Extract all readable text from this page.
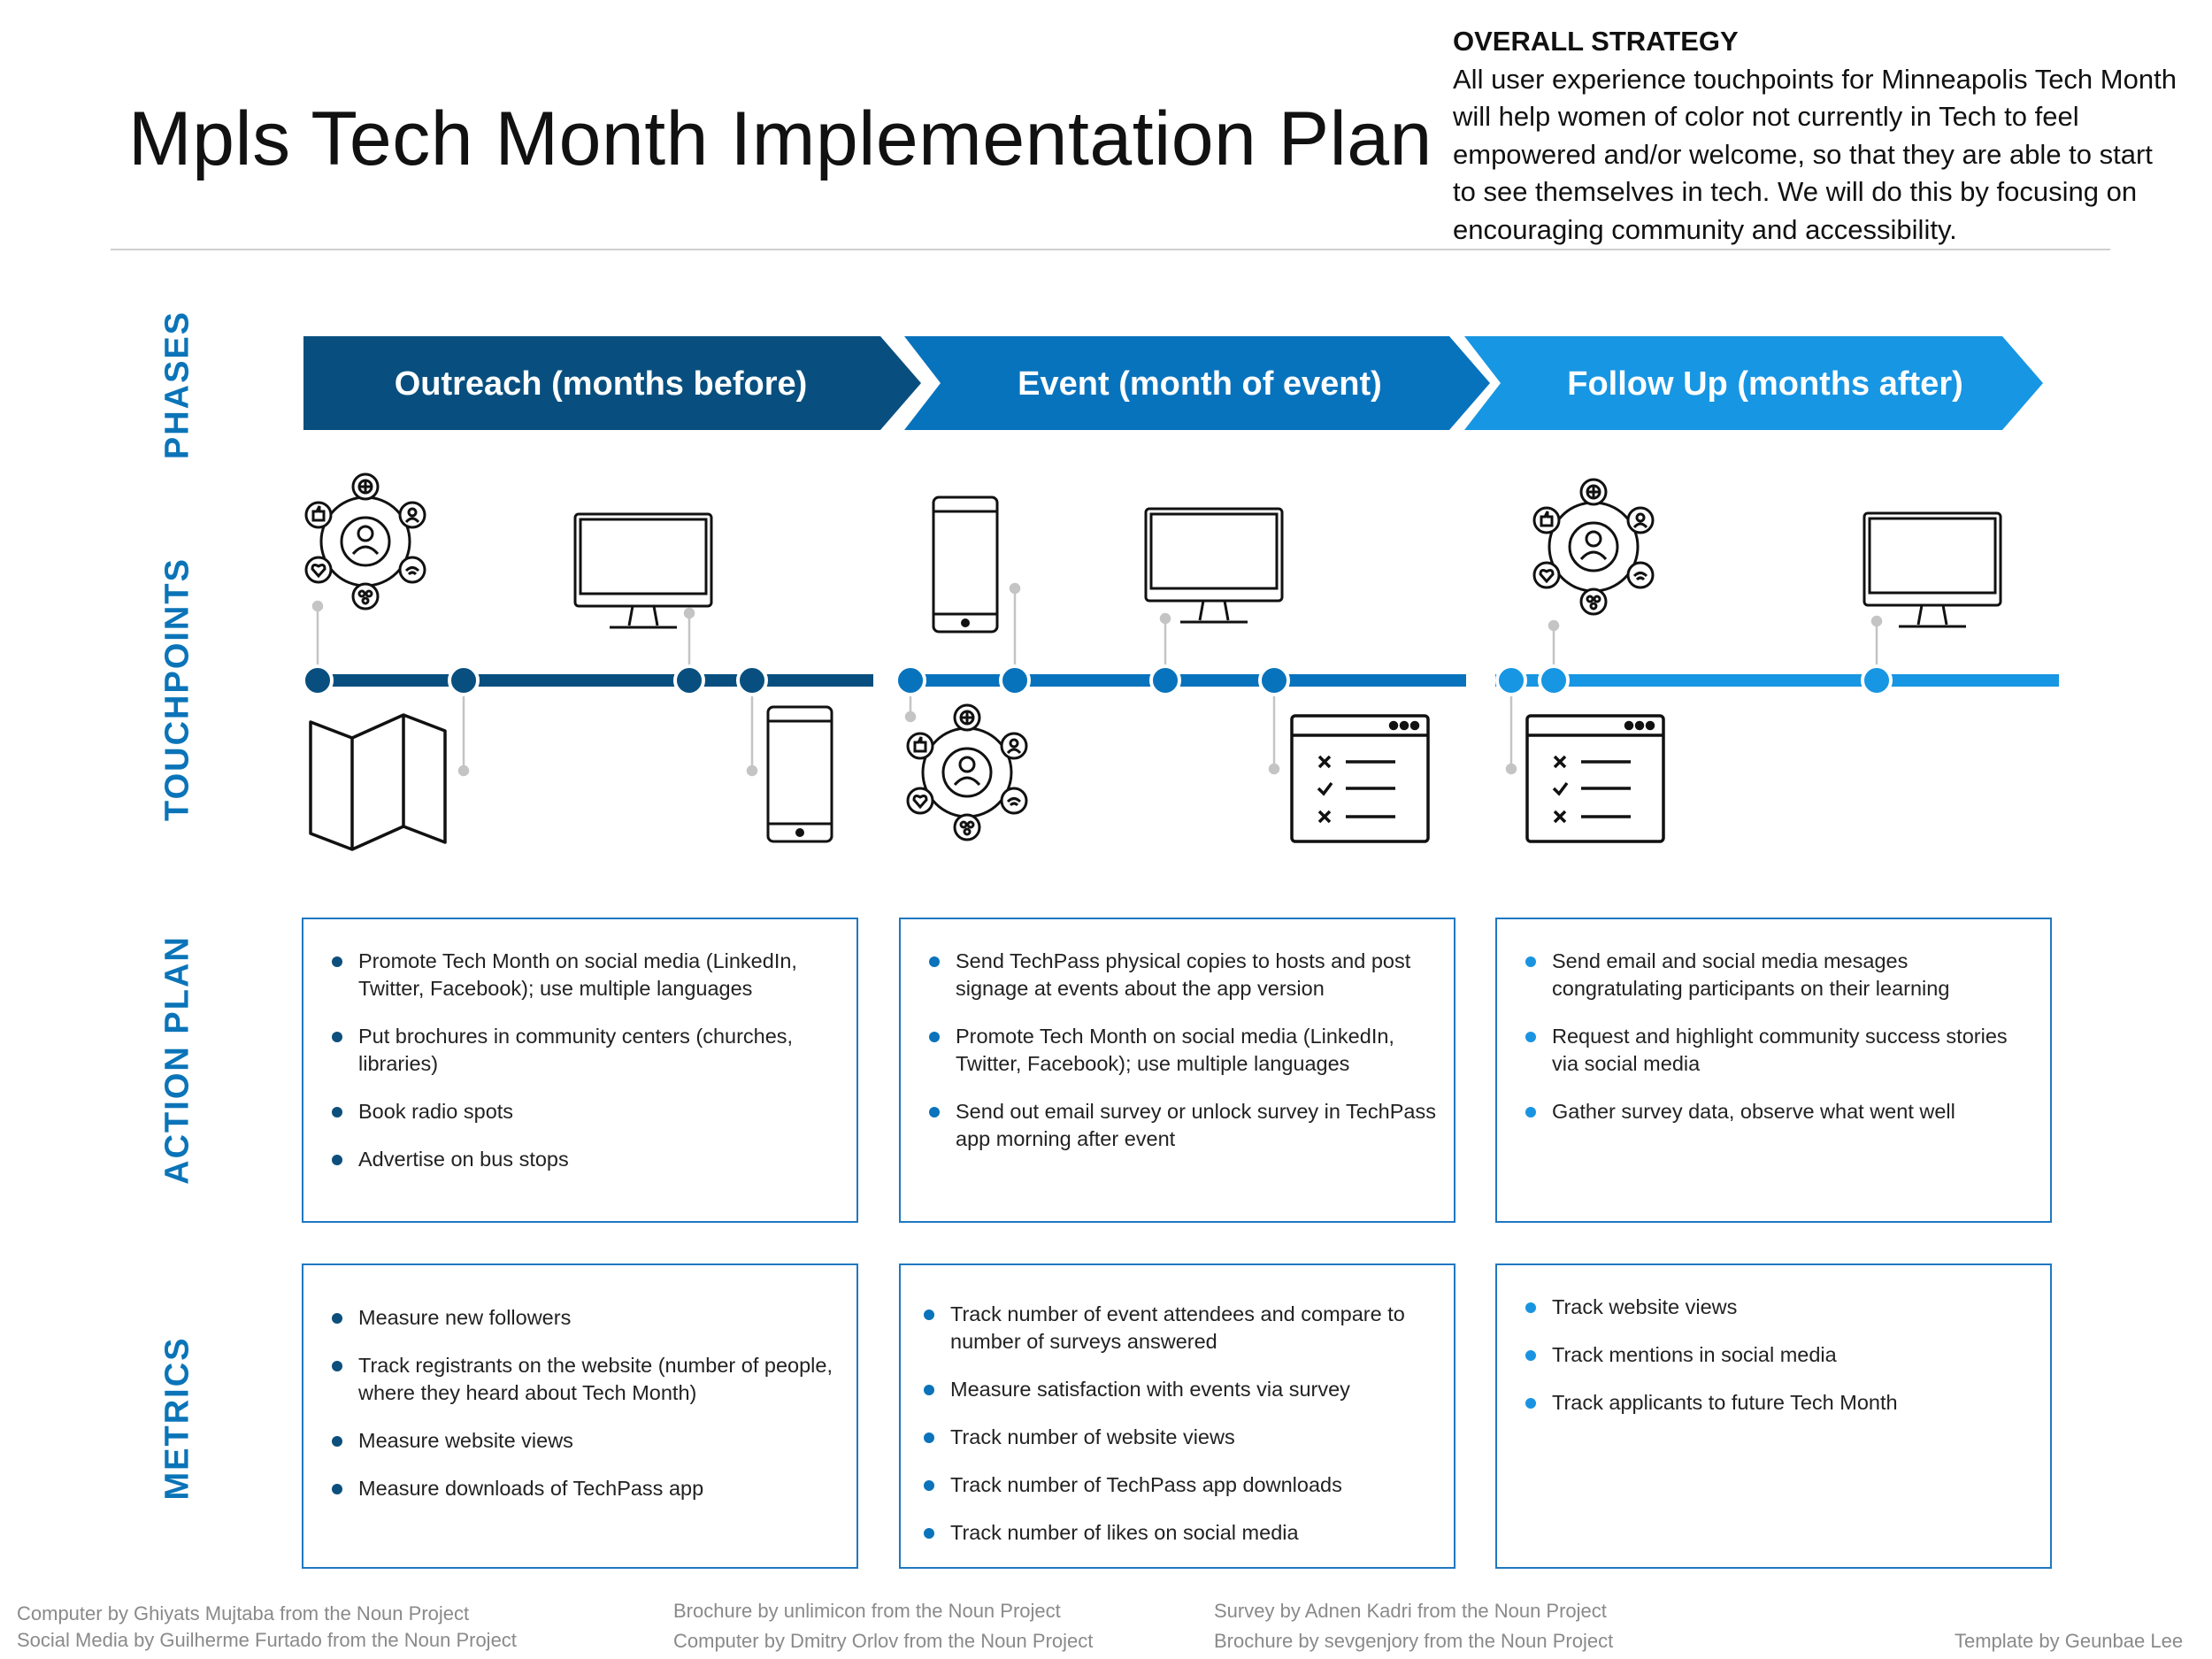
Mpls Tech Month Implementation Plan
OVERALL STRATEGY
All user experience touchpoints for Minneapolis Tech Month will help women of color not currently in Tech to feel empowered and/or welcome, so that they are able to start to see themselves in tech. We will do this by focusing on encouraging community and accessibility.
PHASES
TOUCHPOINTS
ACTION PLAN
METRICS
Outreach (months before)	Event (month of event)	Follow Up (months after)
Promote Tech Month on social media (LinkedIn, Twitter, Facebook); use multiple languages
Put brochures in community centers (churches, libraries)
Book radio spots
Advertise on bus stops
Send TechPass physical copies to hosts and post signage at events about the app version
Promote Tech Month on social media (LinkedIn, Twitter, Facebook); use multiple languages
Send out email survey or unlock survey in TechPass app morning after event
Send email and social media mesages congratulating participants on their learning
Request and highlight community success stories via social media
Gather survey data, observe what went well
Measure new followers
Track registrants on the website (number of people, where they heard about Tech Month)
Measure website views
Measure downloads of TechPass app
Track number of event attendees and compare to number of surveys answered
Measure satisfaction with events via survey
Track number of website views
Track number of TechPass app downloads
Track number of likes on social media
Track website views
Track mentions in social media
Track applicants to future Tech Month
Computer by Ghiyats Mujtaba from the Noun Project
Social Media by Guilherme Furtado from the Noun Project
Brochure by unlimicon from the Noun Project
Computer by Dmitry Orlov from the Noun Project
Survey by Adnen Kadri from the Noun Project
Brochure by sevgenjory from the Noun Project	Template by Geunbae Lee
